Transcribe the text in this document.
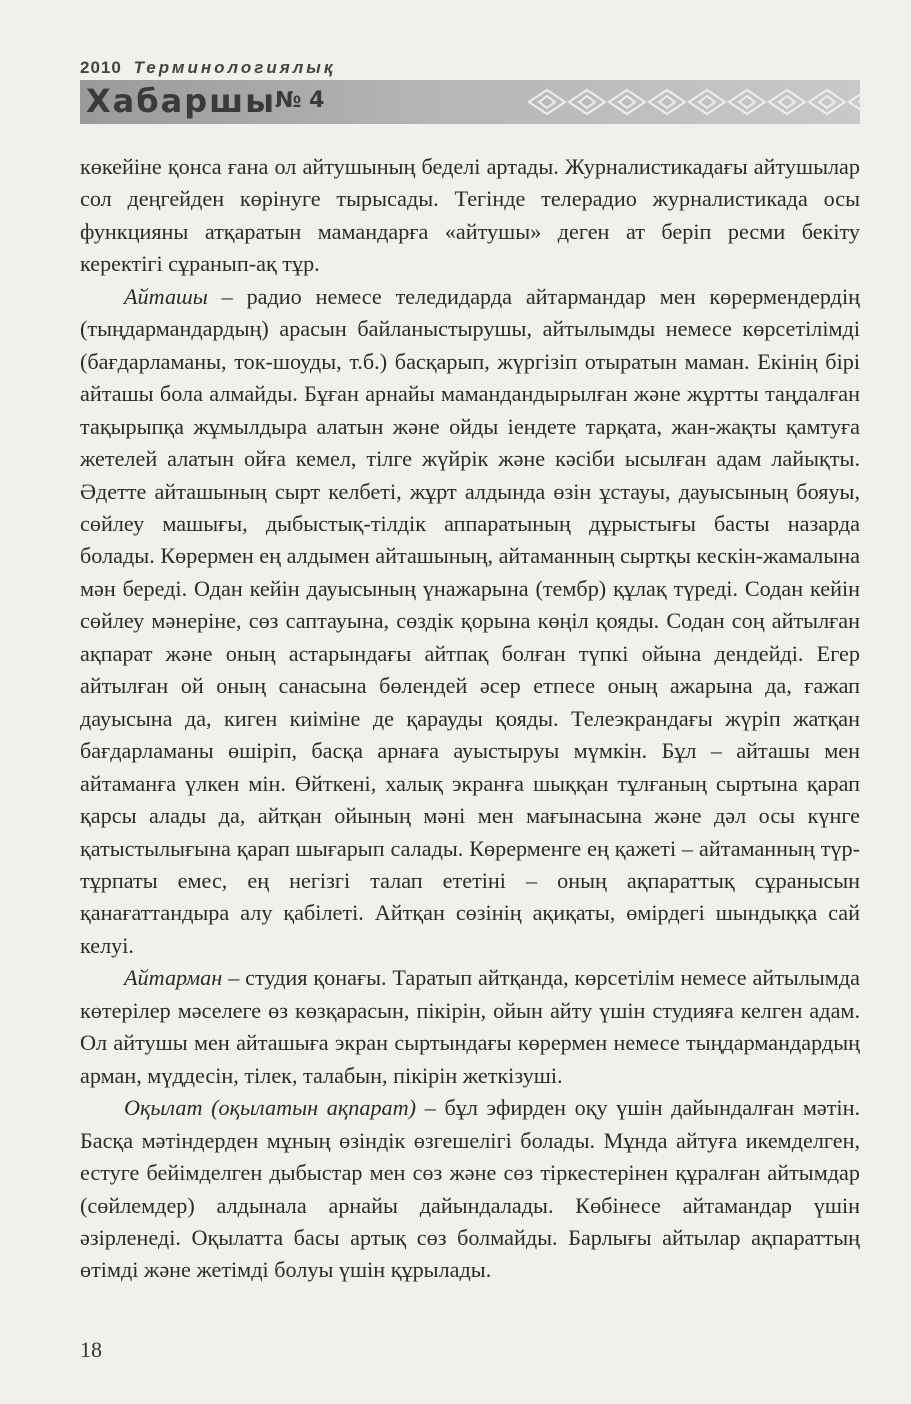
2010 Терминологиялық
Хабаршы
№ 4

көкейіне қонса ғана ол айтушының беделі артады. Журналистикадағы айтушылар сол деңгейден көрінуге тырысады. Тегінде телерадио журналистикада осы функцияны атқаратын мамандарға «айтушы» деген ат беріп ресми бекіту керектігі сұранып-ақ тұр.

Айташы – радио немесе теледидарда айтармандар мен көрермендердің (тыңдармандардың) арасын байланыстырушы, айтылымды немесе көрсетілімді (бағдарламаны, ток-шоуды, т.б.) басқарып, жүргізіп отыратын маман. Екінің бірі айташы бола алмайды. Бұған арнайы мамандандырылған және жұртты таңдалған тақырыпқа жұмылдыра алатын және ойды іендете тарқата, жан-жақты қамтуға жетелей алатын ойға кемел, тілге жүйрік және кәсіби ысылған адам лайықты. Әдетте айташының сырт келбеті, жұрт алдында өзін ұстауы, дауысының бояуы, сөйлеу машығы, дыбыстық-тілдік аппаратының дұрыстығы басты назарда болады. Көрермен ең алдымен айташының, айтаманның сыртқы кескін-жамалына мән береді. Одан кейін дауысының үнажарына (тембр) құлақ түреді. Содан кейін сөйлеу мәнеріне, сөз саптауына, сөздік қорына көңіл қояды. Содан соң айтылған ақпарат және оның астарындағы айтпақ болған түпкі ойына дендейді. Егер айтылған ой оның санасына бөлендей әсер етпесе оның ажарына да, ғажап дауысына да, киген киіміне де қарауды қояды. Телеэкрандағы жүріп жатқан бағдарламаны өшіріп, басқа арнаға ауыстыруы мүмкін. Бұл – айташы мен айтаманға үлкен мін. Өйткені, халық экранға шыққан тұлғаның сыртына қарап қарсы алады да, айтқан ойының мәні мен мағынасына және дәл осы күнге қатыстылығына қарап шығарып салады. Көрерменге ең қажеті – айтаманның түр-тұрпаты емес, ең негізгі талап ететіні – оның ақпараттық сұранысын қанағаттандыра алу қабілеті. Айтқан сөзінің ақиқаты, өмірдегі шындыққа сай келуі.

Айтарман – студия қонағы. Таратып айтқанда, көрсетілім немесе айтылымда көтерілер мәселеге өз көзқарасын, пікірін, ойын айту үшін студияға келген адам. Ол айтушы мен айташыға экран сыртындағы көрермен немесе тыңдармандардың арман, мүддесін, тілек, талабын, пікірін жеткізуші.

Оқылат (оқылатын ақпарат) – бұл эфирден оқу үшін дайындалған мәтін. Басқа мәтіндерден мұның өзіндік өзгешелігі болады. Мұнда айтуға икемделген, естуге бейімделген дыбыстар мен сөз және сөз тіркестерінен құралған айтымдар (сөйлемдер) алдынала арнайы дайындалады. Көбінесе айтамандар үшін әзірленеді. Оқылатта басы артық сөз болмайды. Барлығы айтылар ақпараттың өтімді және жетімді болуы үшін құрылады.

18
